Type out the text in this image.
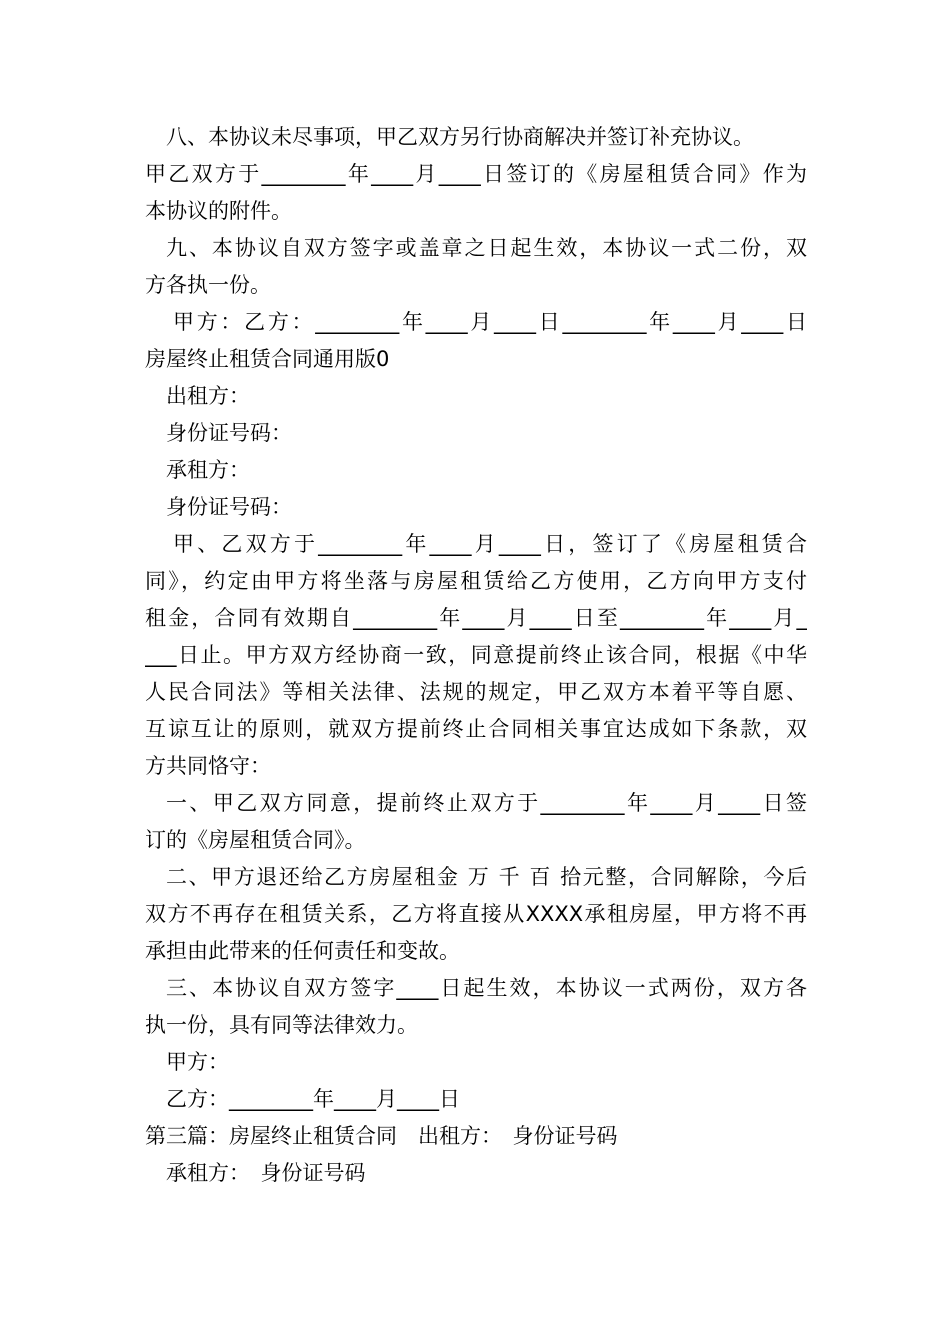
八、本协议未尽事项，甲乙双方另行协商解决并签订补充协议。
甲乙双方于________年____月____日签订的《房屋租赁合同》作为
本协议的附件。
九、本协议自双方签字或盖章之日起生效，本协议一式二份，双
方各执一份。
甲方：乙方：________年____月____日________年____月____日
房屋终止租赁合同通用版0
出租方：
身份证号码：
承租方：
身份证号码：
甲、乙双方于________年____月____日，签订了《房屋租赁合
同》，约定由甲方将坐落与房屋租赁给乙方使用，乙方向甲方支付
租金，合同有效期自________年____月____日至________年____月_
___日止。甲方双方经协商一致，同意提前终止该合同，根据《中华
人民合同法》等相关法律、法规的规定，甲乙双方本着平等自愿、
互谅互让的原则，就双方提前终止合同相关事宜达成如下条款，双
方共同恪守：
一、甲乙双方同意，提前终止双方于________年____月____日签
订的《房屋租赁合同》。
二、甲方退还给乙方房屋租金 万 千 百 拾元整，合同解除，今后
双方不再存在租赁关系，乙方将直接从XXXX承租房屋，甲方将不再
承担由此带来的任何责任和变故。
三、本协议自双方签字____日起生效，本协议一式两份，双方各
执一份，具有同等法律效力。
甲方：
乙方：________年____月____日
第三篇：房屋终止租赁合同　出租方：　身份证号码
承租方：　身份证号码
